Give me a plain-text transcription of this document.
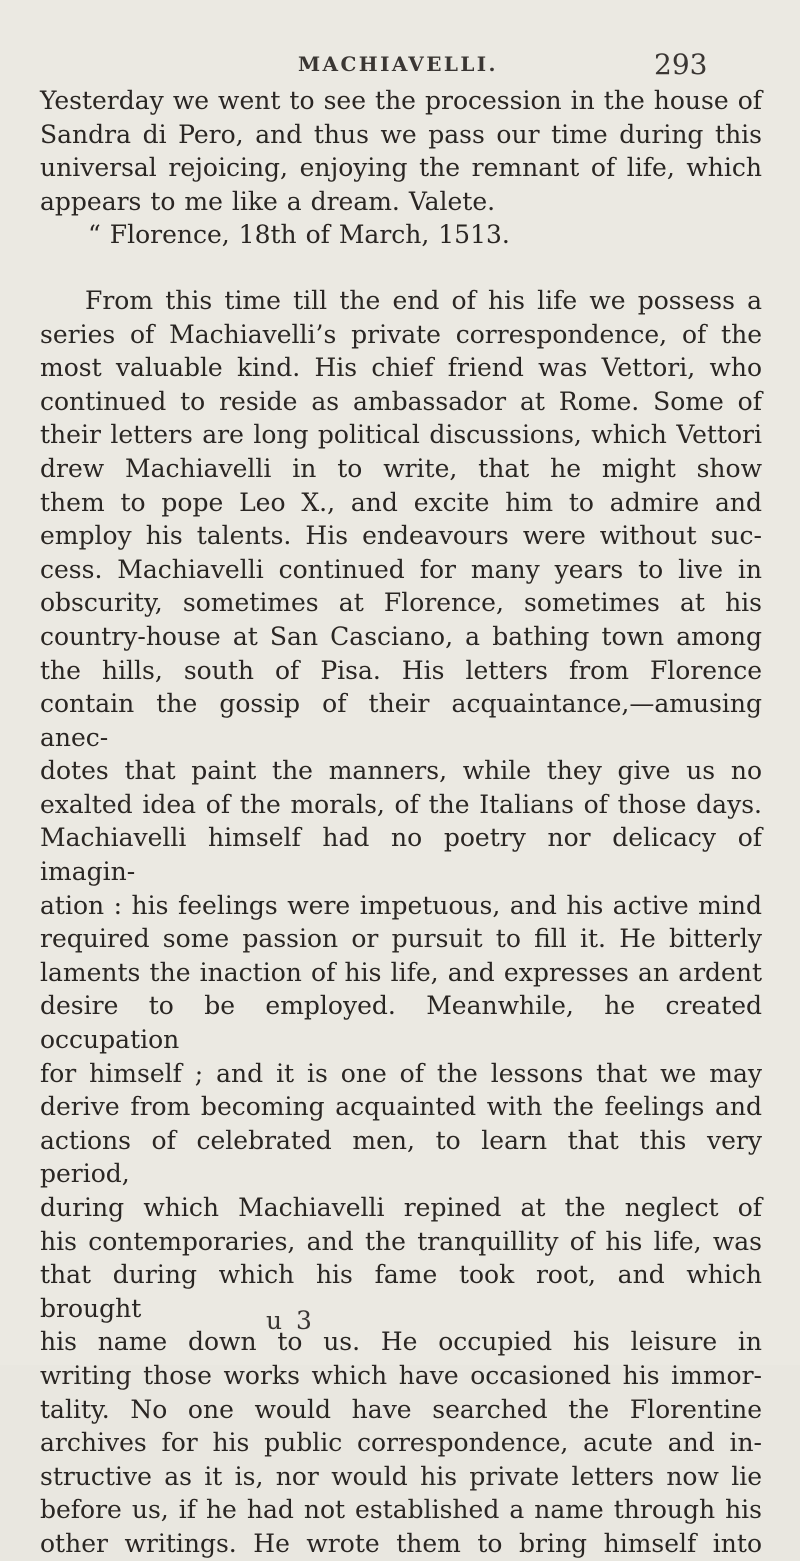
MACHIAVELLI.	293
Yesterday we went to see the procession in the house of
Sandra di Pero, and thus we pass our time during this
universal rejoicing, enjoying the remnant of life, which
appears to me like a dream. Valete.
“ Florence, 18th of March, 1513.
From this time till the end of his life we possess a
series of Machiavelli’s private correspondence, of the
most valuable kind. His chief friend was Vettori, who
continued to reside as ambassador at Rome. Some of
their letters are long political discussions, which Vettori
drew Machiavelli in to write, that he might show
them to pope Leo X., and excite him to admire and
employ his talents. His endeavours were without suc-
cess. Machiavelli continued for many years to live in
obscurity, sometimes at Florence, sometimes at his
country-house at San Casciano, a bathing town among
the hills, south of Pisa. His letters from Florence
contain the gossip of their acquaintance,—amusing anec-
dotes that paint the manners, while they give us no
exalted idea of the morals, of the Italians of those days.
Machiavelli himself had no poetry nor delicacy of imagin-
ation : his feelings were impetuous, and his active mind
required some passion or pursuit to fill it. He bitterly
laments the inaction of his life, and expresses an ardent
desire to be employed. Meanwhile, he created occupation
for himself ; and it is one of the lessons that we may
derive from becoming acquainted with the feelings and
actions of celebrated men, to learn that this very period,
during which Machiavelli repined at the neglect of
his contemporaries, and the tranquillity of his life, was
that during which his fame took root, and which brought
his name down to us. He occupied his leisure in
writing those works which have occasioned his immor-
tality. No one would have searched the Florentine
archives for his public correspondence, acute and in-
structive as it is, nor would his private letters now lie
before us, if he had not established a name through his
other writings. He wrote them to bring himself into
u 3
